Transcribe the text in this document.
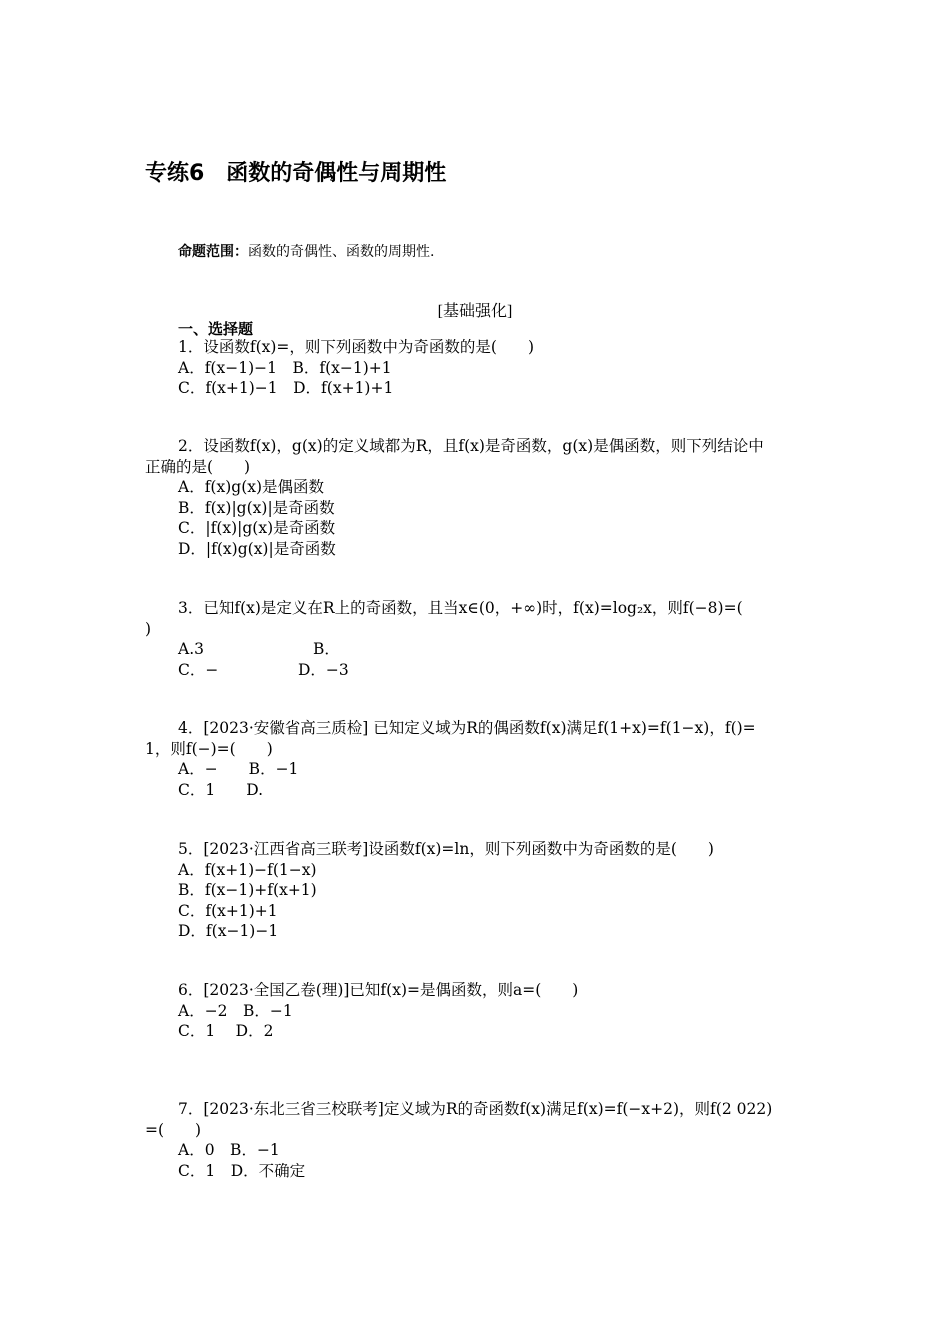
专练6　函数的奇偶性与周期性
命题范围：函数的奇偶性、函数的周期性.
[基础强化]
一、选择题
1．设函数f(x)=，则下列函数中为奇函数的是(　　)
A．f(x−1)−1　B．f(x−1)+1
C．f(x+1)−1　D．f(x+1)+1
2．设函数f(x)，g(x)的定义域都为R，且f(x)是奇函数，g(x)是偶函数，则下列结论中
正确的是(　　)
A．f(x)g(x)是偶函数
B．f(x)|g(x)|是奇函数
C．|f(x)|g(x)是奇函数
D．|f(x)g(x)|是奇函数
3．已知f(x)是定义在R上的奇函数，且当x∈(0，+∞)时，f(x)=log₂x，则f(−8)=(
)
A.3	B．
C．−	D．−3
4．[2023·安徽省高三质检] 已知定义域为R的偶函数f(x)满足f(1+x)=f(1−x)，f()=
1，则f(−)=(　　)
A．−　　B．−1
C．1　　D.
5．[2023·江西省高三联考]设函数f(x)=ln，则下列函数中为奇函数的是(　　)
A．f(x+1)−f(1−x)
B．f(x−1)+f(x+1)
C．f(x+1)+1
D．f(x−1)−1
6．[2023·全国乙卷(理)]已知f(x)=是偶函数，则a=(　　)
A．−2　B．−1
C．1　 D．2
7．[2023·东北三省三校联考]定义域为R的奇函数f(x)满足f(x)=f(−x+2)，则f(2 022)
=(　　)
A．0　B．−1
C．1　D．不确定
